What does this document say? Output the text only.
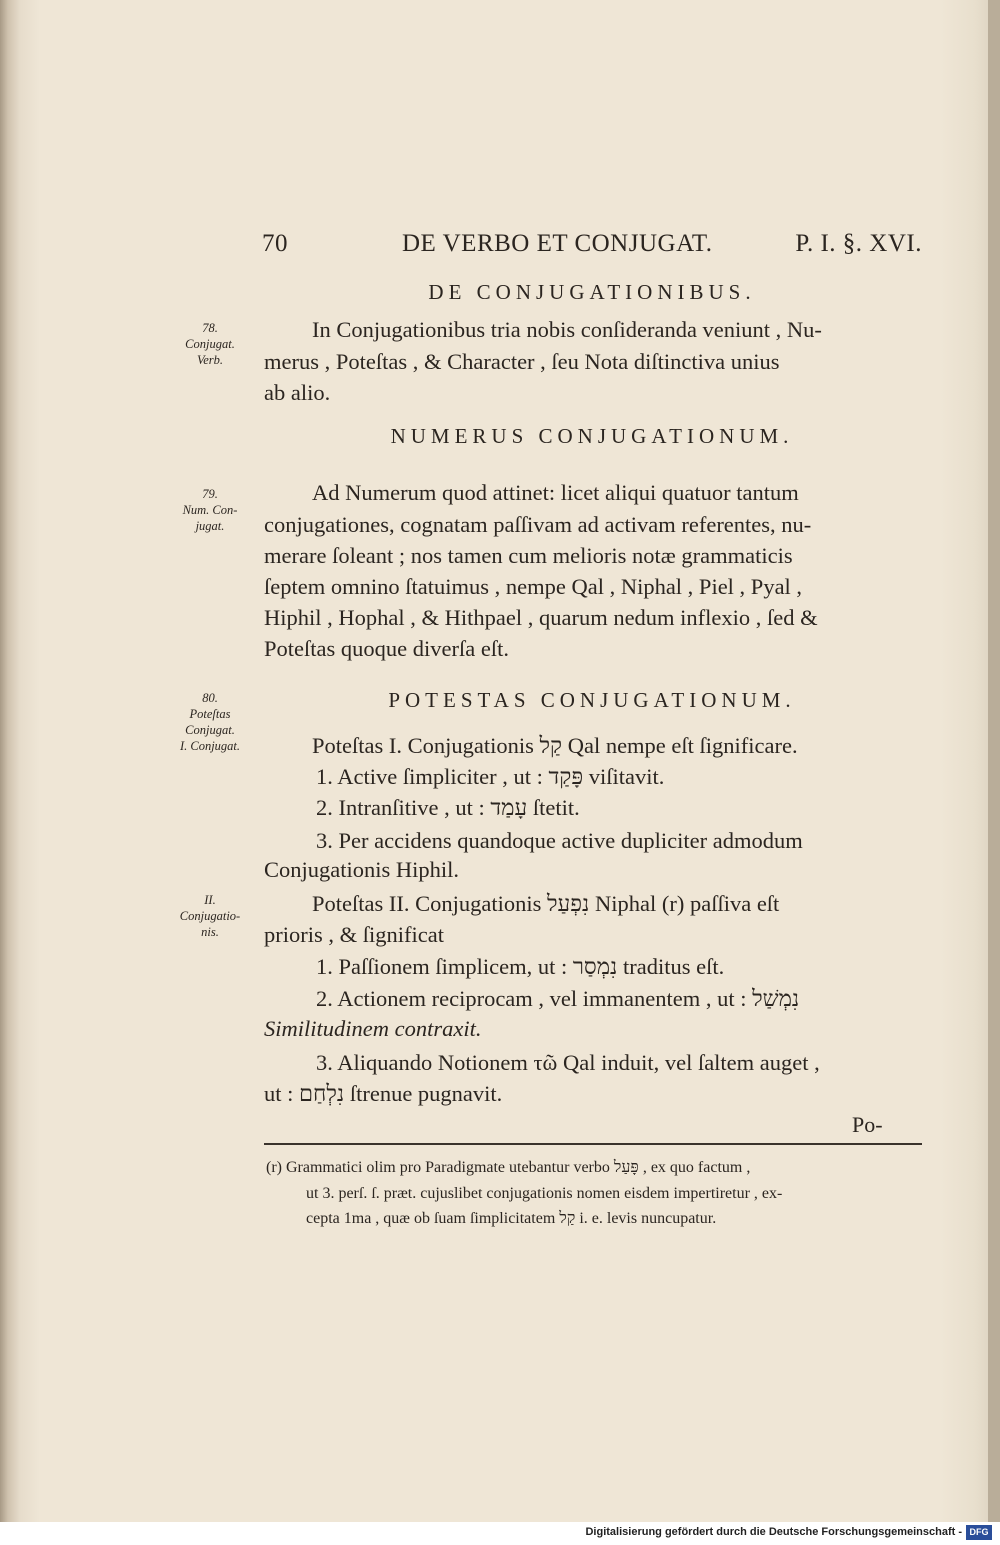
70	DE VERBO ET CONJUGAT.	P. I. §. XVI.
DE CONJUGATIONIBUS.
78.
Conjugat.
Verb.
In Conjugationibus tria nobis conſideranda veniunt , Nu-
merus , Poteſtas , & Character , ſeu Nota diſtinctiva unius
ab alio.
NUMERUS CONJUGATIONUM.
79.
Num. Con-
jugat.
Ad Numerum quod attinet: licet aliqui quatuor tantum
conjugationes, cognatam paſſivam ad activam referentes, nu-
merare ſoleant ; nos tamen cum melioris notæ grammaticis
ſeptem omnino ſtatuimus , nempe Qal , Niphal , Piel , Pyal ,
Hiphil , Hophal , & Hithpael , quarum nedum inflexio , ſed &
Poteſtas quoque diverſa eſt.
80.
Poteſtas
Conjugat.
I. Conjugat.
POTESTAS CONJUGATIONUM.
Poteſtas I. Conjugationis קַל Qal nempe eſt ſignificare.
1. Active ſimpliciter , ut : פָּקַד viſitavit.
2. Intranſitive , ut : עָמַד ſtetit.
3. Per accidens quandoque active dupliciter admodum
Conjugationis Hiphil.
II.
Conjugatio-
nis.
Poteſtas II. Conjugationis נִפְעַל Niphal (r) paſſiva eſt
prioris , & ſignificat
1. Paſſionem ſimplicem, ut : נִמְסַר traditus eſt.
2. Actionem reciprocam , vel immanentem , ut : נִמְשַׁל
Similitudinem contraxit.
3. Aliquando Notionem τῶ Qal induit, vel ſaltem auget ,
ut : נִלְחַם ſtrenue pugnavit.
Po-
(r) Grammatici olim pro Paradigmate utebantur verbo פָּעַל , ex quo factum ,
ut 3. perſ. ſ. præt. cujuslibet conjugationis nomen eisdem impertiretur , ex-
cepta 1ma , quæ ob ſuam ſimplicitatem קַל i. e. levis nuncupatur.
Digitalisierung gefördert durch die Deutsche Forschungsgemeinschaft - DFG
